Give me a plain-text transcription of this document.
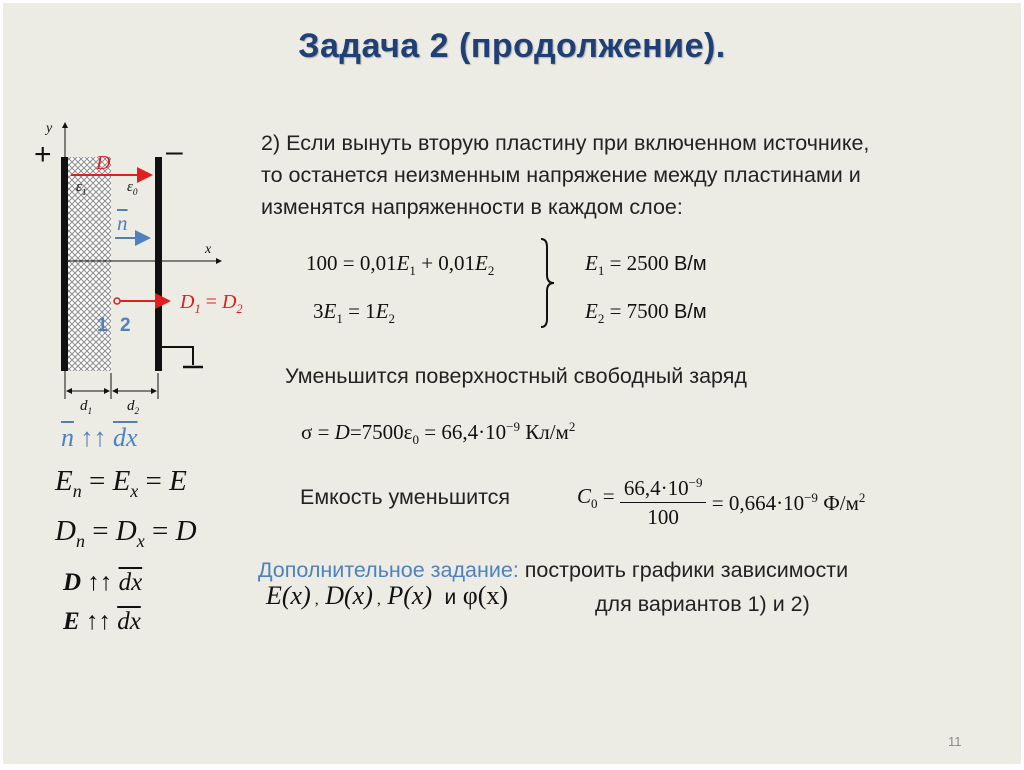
Задача 2 (продолжение).
y
x
+	–
D
$\varepsilon_1$	$\varepsilon_0$
$\overline{n}$
$D_1 = D_2$
1 2
$d_1$ $d_2$
$\overline{n}$ ↑↑ $\overline{dx}$
$E_n = E_x = E$
$D_n = D_x = D$
D ↑↑ $\overline{dx}$
E ↑↑ $\overline{dx}$
2) Если вынуть вторую пластину при включенном источнике,
то останется неизменным напряжение между пластинами и
изменятся напряженности в каждом слое:
$100 = 0,01E_1 + 0,01E_2$
$3E_1 = 1E_2$
$E_1 = 2500$ В/м
$E_2 = 7500$ В/м
Уменьшится поверхностный свободный заряд
$\sigma = D=7500\varepsilon_0 = 66,4\cdot 10^{-9}$ $Кл/м^2$
Емкость уменьшится	$C_0 = \frac{66,4\cdot 10^{-9}}{100} = 0,664\cdot 10^{-9}$ $Ф/м^2$
Дополнительное задание: построить графики зависимости
E(x) , D(x) , P(x) и φ(x)	для вариантов 1) и 2)
11
